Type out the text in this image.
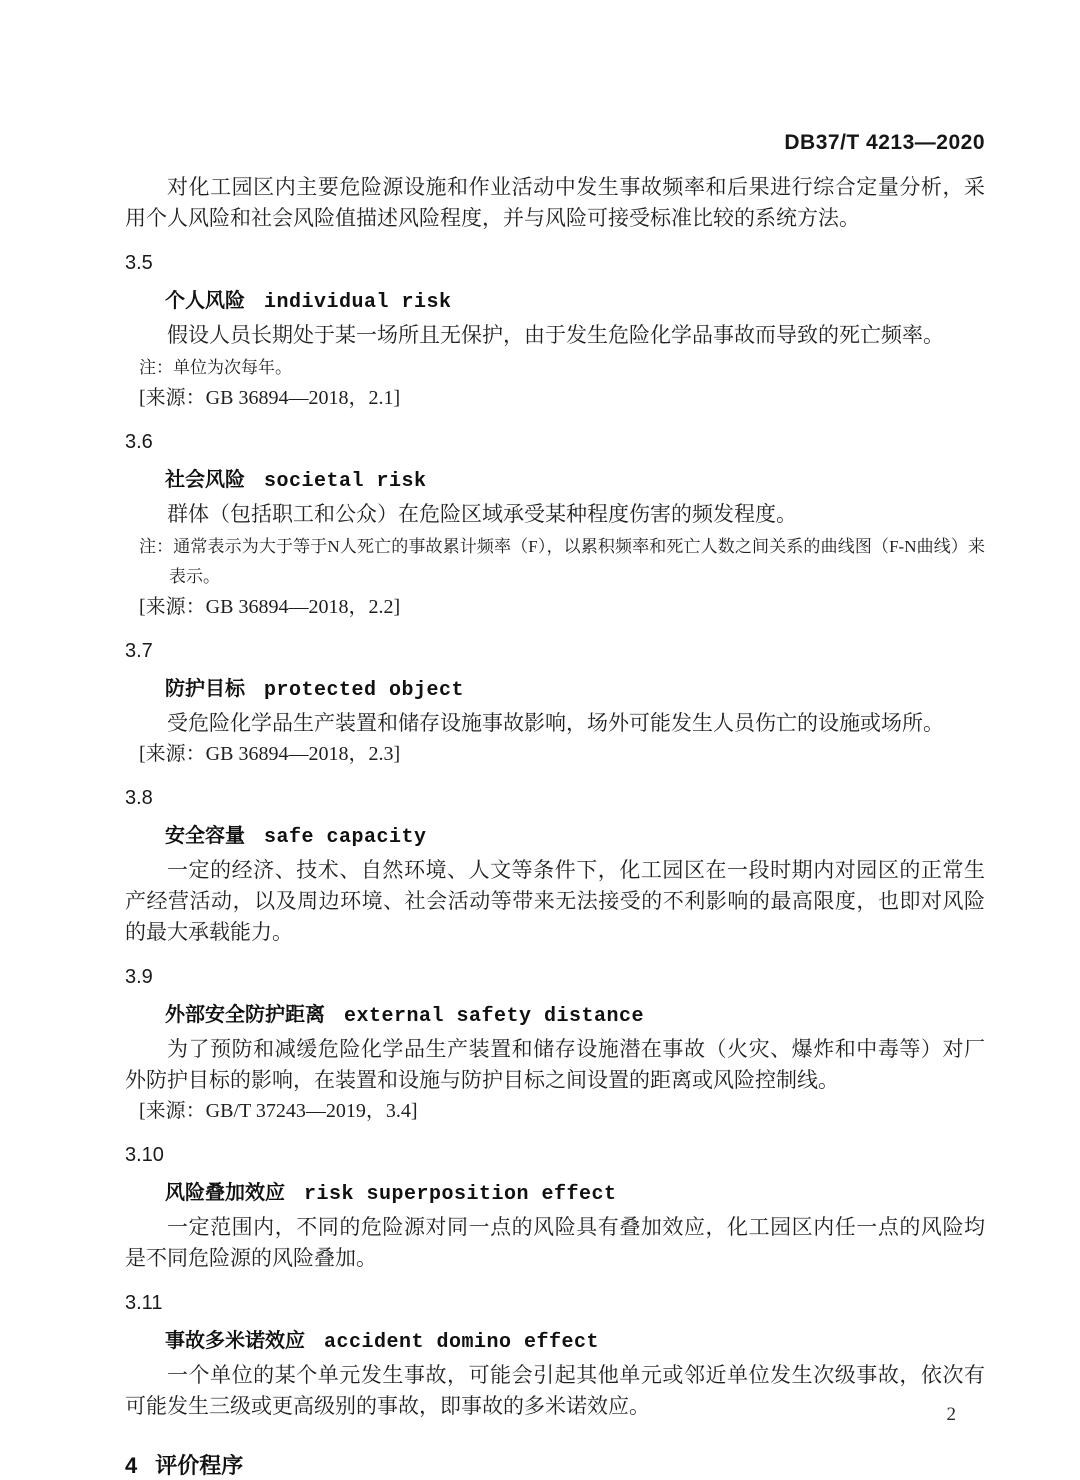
DB37/T 4213—2020

对化工园区内主要危险源设施和作业活动中发生事故频率和后果进行综合定量分析，采用个人风险和社会风险值描述风险程度，并与风险可接受标准比较的系统方法。

3.5
个人风险 individual risk

假设人员长期处于某一场所且无保护，由于发生危险化学品事故而导致的死亡频率。

注：单位为次每年。

[来源：GB 36894—2018，2.1]

3.6
社会风险 societal risk

群体（包括职工和公众）在危险区域承受某种程度伤害的频发程度。

注：通常表示为大于等于N人死亡的事故累计频率（F），以累积频率和死亡人数之间关系的曲线图（F-N曲线）来表示。

[来源：GB 36894—2018，2.2]

3.7
防护目标 protected object

受危险化学品生产装置和储存设施事故影响，场外可能发生人员伤亡的设施或场所。

[来源：GB 36894—2018，2.3]

3.8
安全容量 safe capacity

一定的经济、技术、自然环境、人文等条件下，化工园区在一段时期内对园区的正常生产经营活动，以及周边环境、社会活动等带来无法接受的不利影响的最高限度，也即对风险的最大承载能力。

3.9
外部安全防护距离 external safety distance

为了预防和减缓危险化学品生产装置和储存设施潜在事故（火灾、爆炸和中毒等）对厂外防护目标的影响，在装置和设施与防护目标之间设置的距离或风险控制线。

[来源：GB/T 37243—2019，3.4]

3.10
风险叠加效应 risk superposition effect

一定范围内，不同的危险源对同一点的风险具有叠加效应，化工园区内任一点的风险均是不同危险源的风险叠加。

3.11
事故多米诺效应 accident domino effect

一个单位的某个单元发生事故，可能会引起其他单元或邻近单位发生次级事故，依次有可能发生三级或更高级别的事故，即事故的多米诺效应。

4 评价程序
2
